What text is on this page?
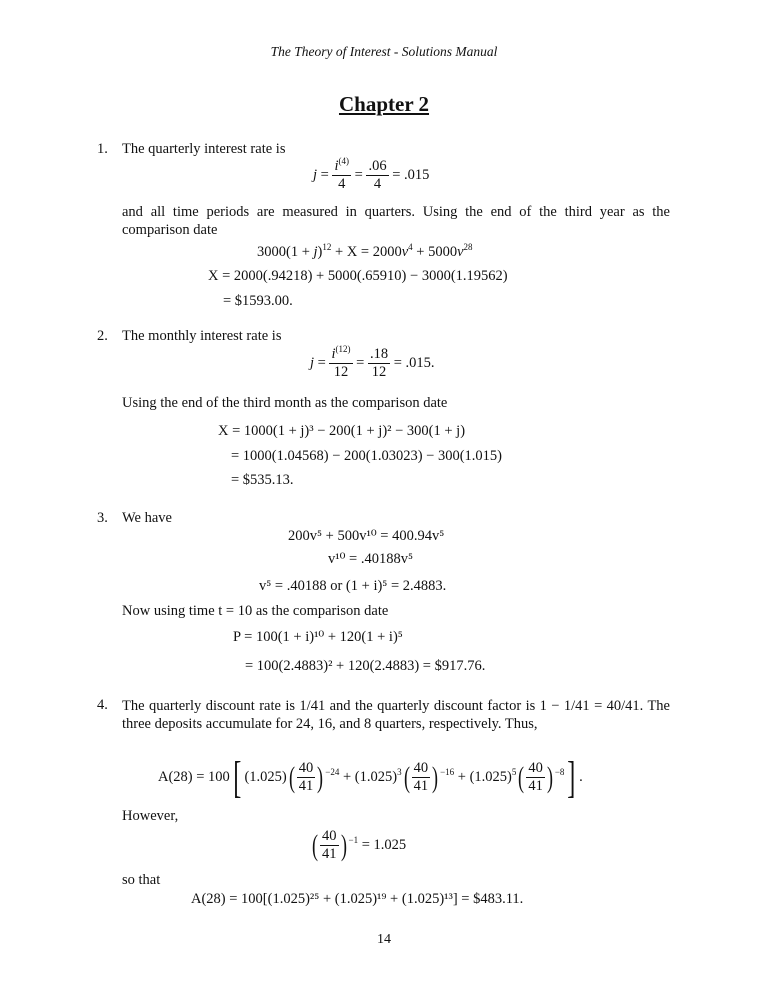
The Theory of Interest - Solutions Manual
Chapter 2
1. The quarterly interest rate is
$j = \frac{i^{(4)}}{4} = \frac{.06}{4} = .015$
and all time periods are measured in quarters. Using the end of the third year as the comparison date
$3000(1 + j)^{12} + X = 2000v^4 + 5000v^{28}$
X = 2000(.94218) + 5000(.65910) − 3000(1.19562)
= $1593.00.
2. The monthly interest rate is
$j = \frac{i^{(12)}}{12} = \frac{.18}{12} = .015$.
Using the end of the third month as the comparison date
X = 1000(1 + j)³ − 200(1 + j)² − 300(1 + j)
= 1000(1.04568) − 200(1.03023) − 300(1.015)
= $535.13.
3. We have
200v⁵ + 500v¹⁰ = 400.94v⁵
v¹⁰ = .40188v⁵
v⁵ = .40188 or (1 + i)⁵ = 2.4883.
Now using time t = 10 as the comparison date
P = 100(1 + i)¹⁰ + 120(1 + i)⁵
= 100(2.4883)² + 120(2.4883) = $917.76.
4. The quarterly discount rate is 1/41 and the quarterly discount factor is 1 − 1/41 = 40/41. The three deposits accumulate for 24, 16, and 8 quarters, respectively. Thus,
A(28) = 100[ $(1.025)( \frac{40}{41}$ ) $^{-24} + (1.025)^3( \frac{40}{41}$ ) $^{-16} + (1.025)^5( \frac{40}{41}$ ) $^{-8}$] .
However,
( $\frac{40}{41}$ ) $^{-1}$ = 1.025
so that
A(28) = 100[(1.025)²⁵ + (1.025)¹⁹ + (1.025)¹³] = $483.11.
14
